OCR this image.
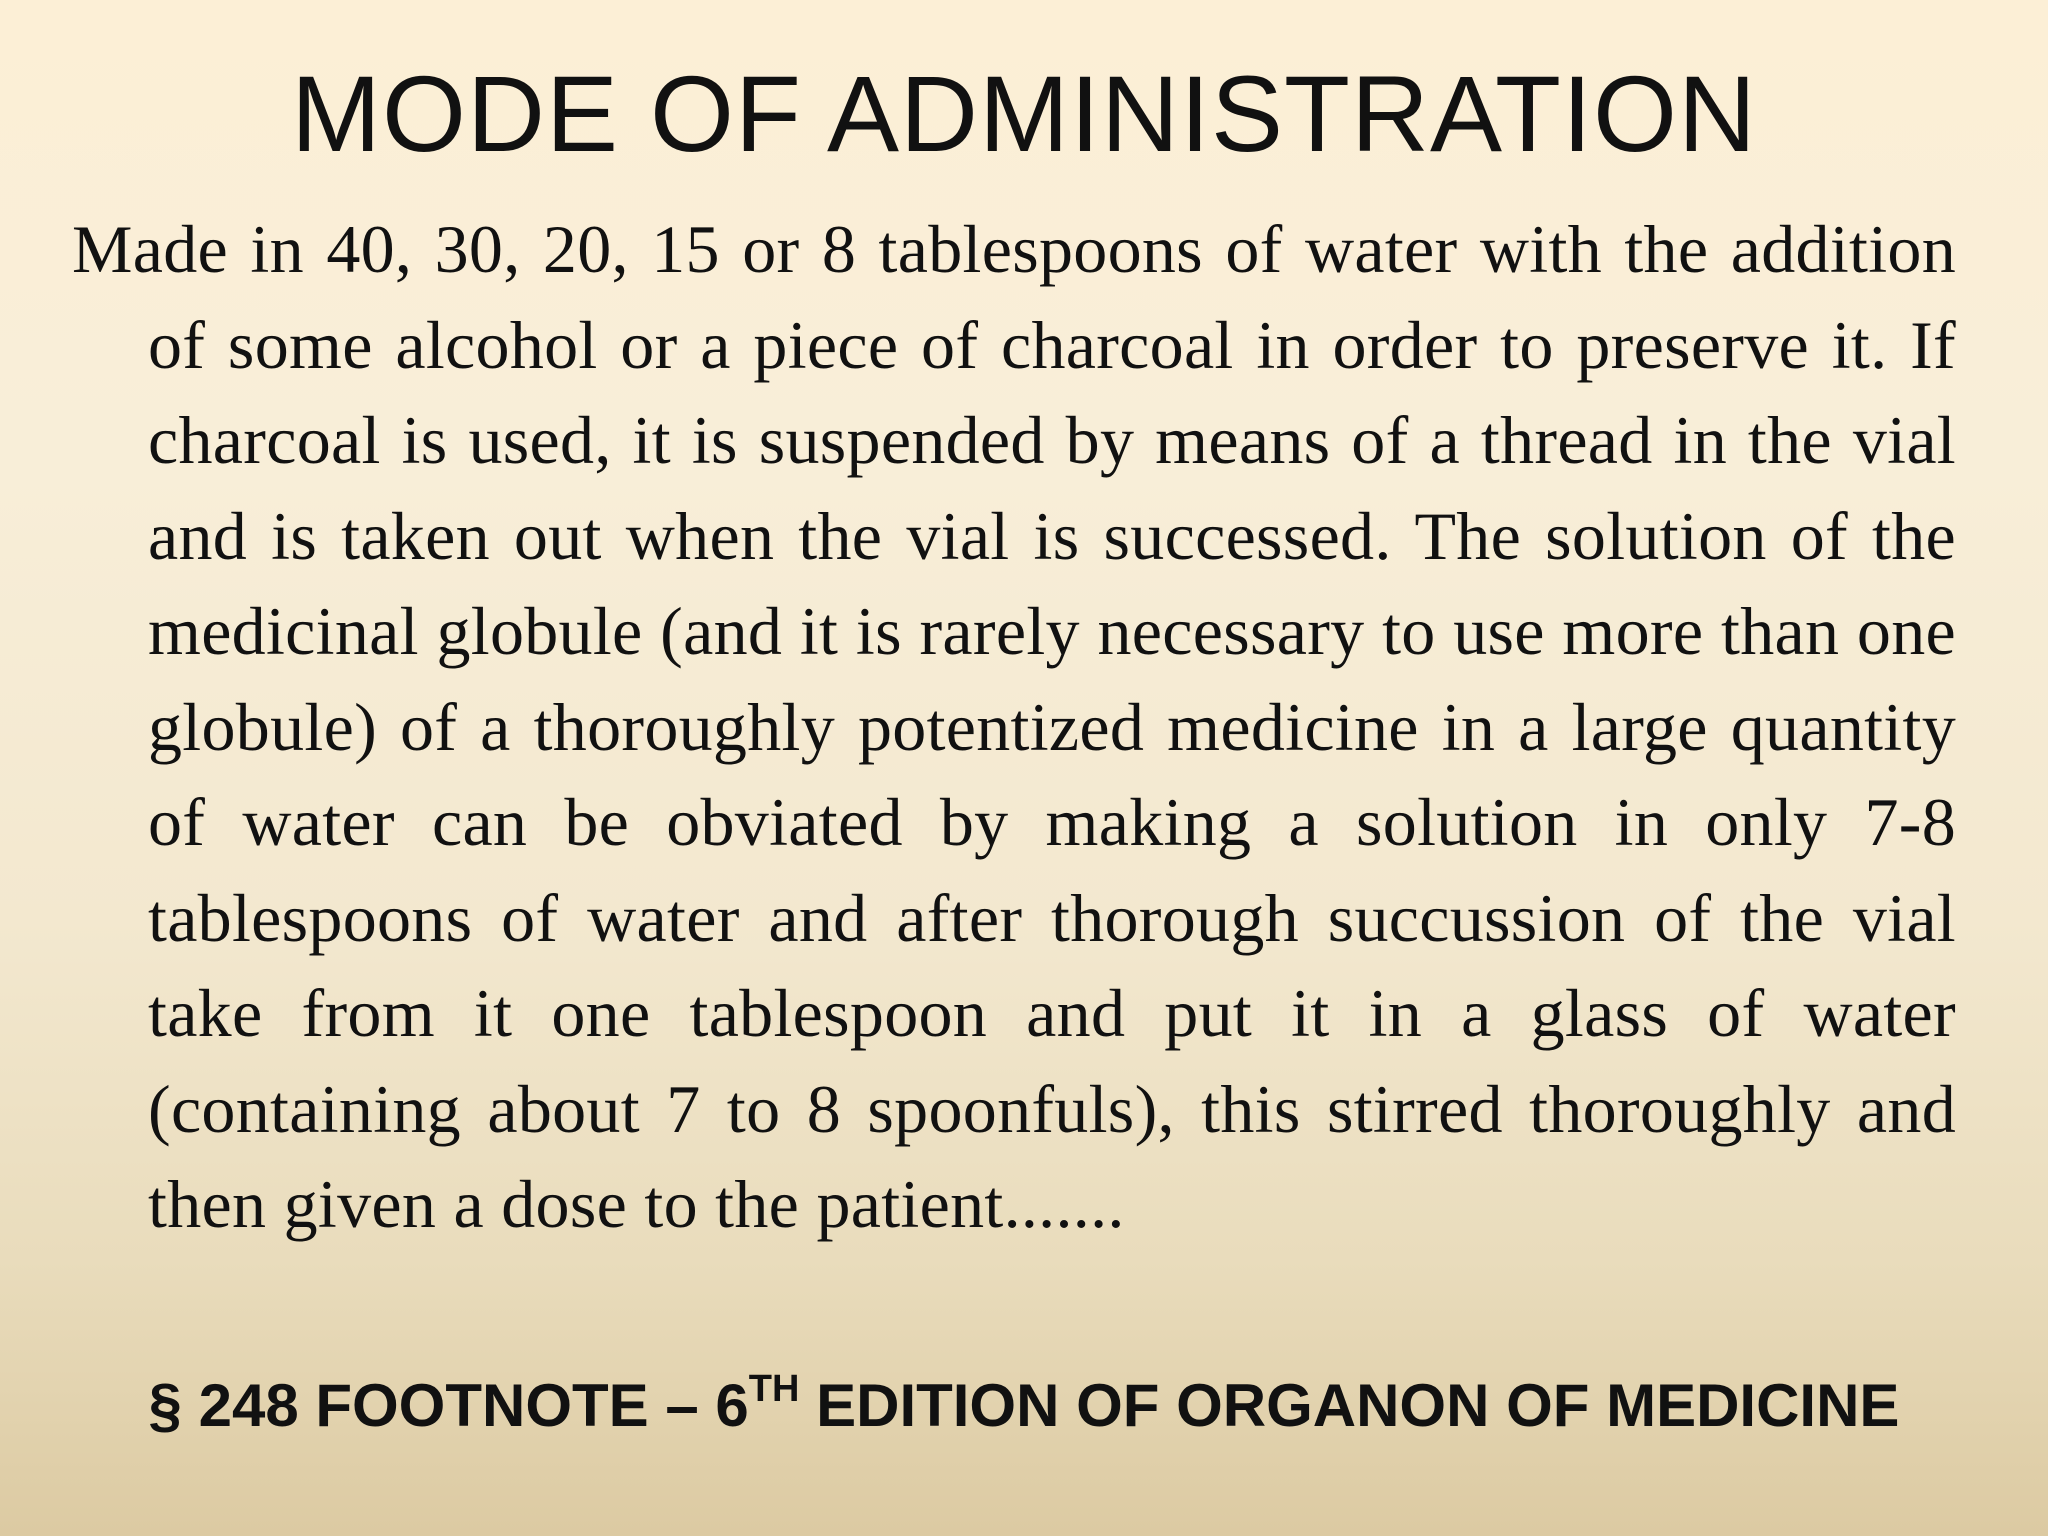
MODE OF ADMINISTRATION
Made in 40, 30, 20, 15 or 8 tablespoons of water with the addition of some alcohol or a piece of charcoal in order to preserve it. If charcoal is used, it is suspended by means of a thread in the vial and is taken out when the vial is successed. The solution of the medicinal globule (and it is rarely necessary to use more than one globule) of a thoroughly potentized medicine in a large quantity of water can be obviated by making a solution in only 7-8 tablespoons of water and after thorough succussion of the vial take from it one tablespoon and put it in a glass of water (containing about 7 to 8 spoonfuls), this stirred thoroughly and then given a dose to the patient.......
§ 248 FOOTNOTE – 6TH EDITION OF ORGANON OF MEDICINE
